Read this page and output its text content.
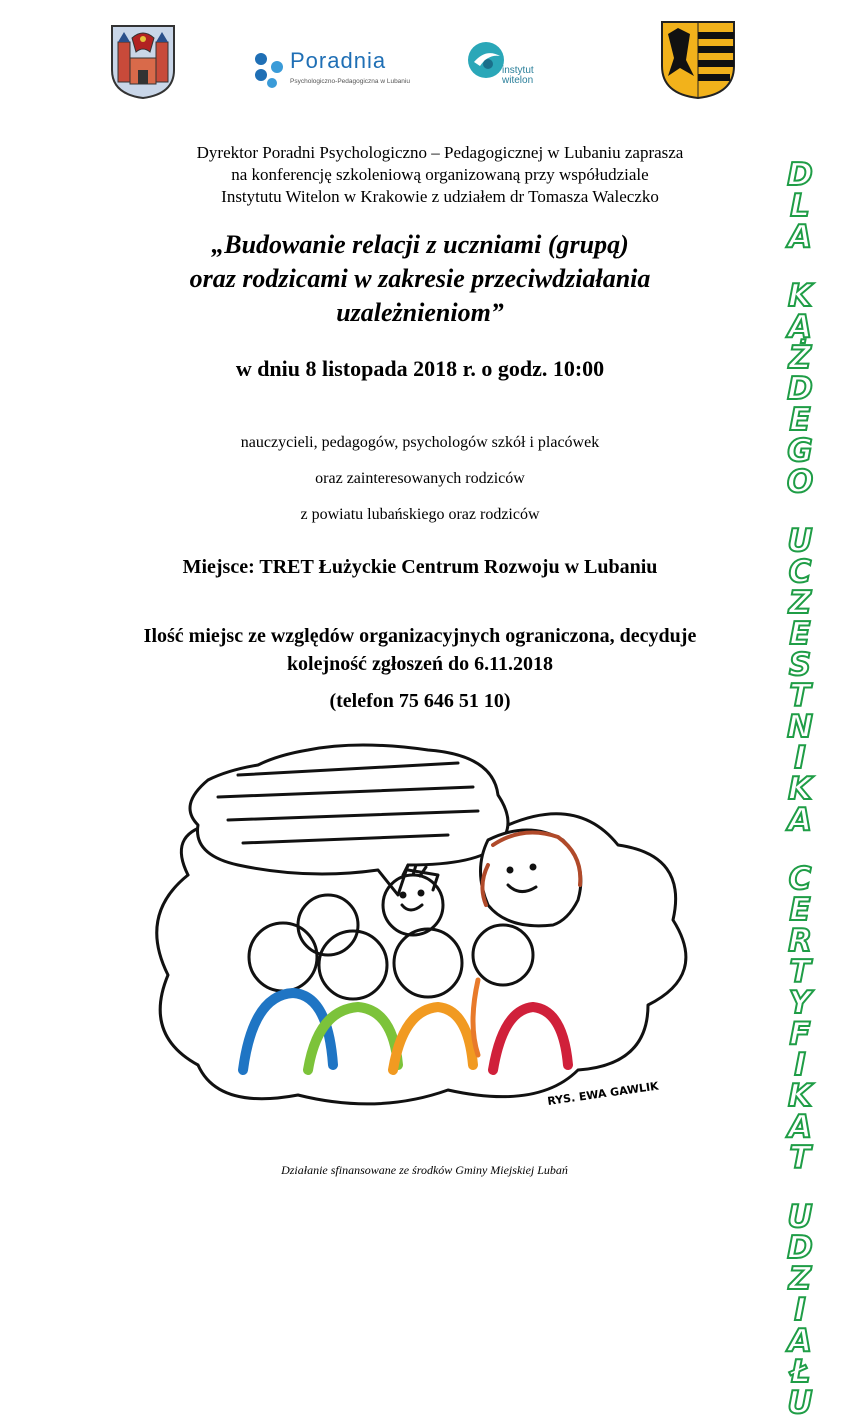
Poradnia
Psychologiczno-Pedagogiczna w Lubaniu
instytut
witelon
Dyrektor Poradni Psychologiczno – Pedagogicznej w Lubaniu zaprasza
na konferencję szkoleniową organizowaną przy współudziale
Instytutu Witelon w Krakowie z udziałem dr Tomasza Waleczko
„Budowanie relacji z uczniami (grupą)
oraz rodzicami w zakresie przeciwdziałania
uzależnieniom”
w dniu 8 listopada 2018 r. o godz. 10:00
nauczycieli, pedagogów, psychologów szkół i placówek
oraz zainteresowanych rodziców
z powiatu lubańskiego oraz rodziców
Miejsce: TRET Łużyckie Centrum Rozwoju w Lubaniu
Ilość miejsc ze względów organizacyjnych ograniczona, decyduje
kolejność zgłoszeń do 6.11.2018
(telefon 75 646 51 10)
RYS. EWA GAWLIK
D
L
A
K
A
Ż
D
E
G
O
U
C
Z
E
S
T
N
I
K
A
C
E
R
T
Y
F
I
K
A
T
U
D
Z
I
A
Ł
U
Działanie sfinansowane ze środków Gminy Miejskiej Lubań
